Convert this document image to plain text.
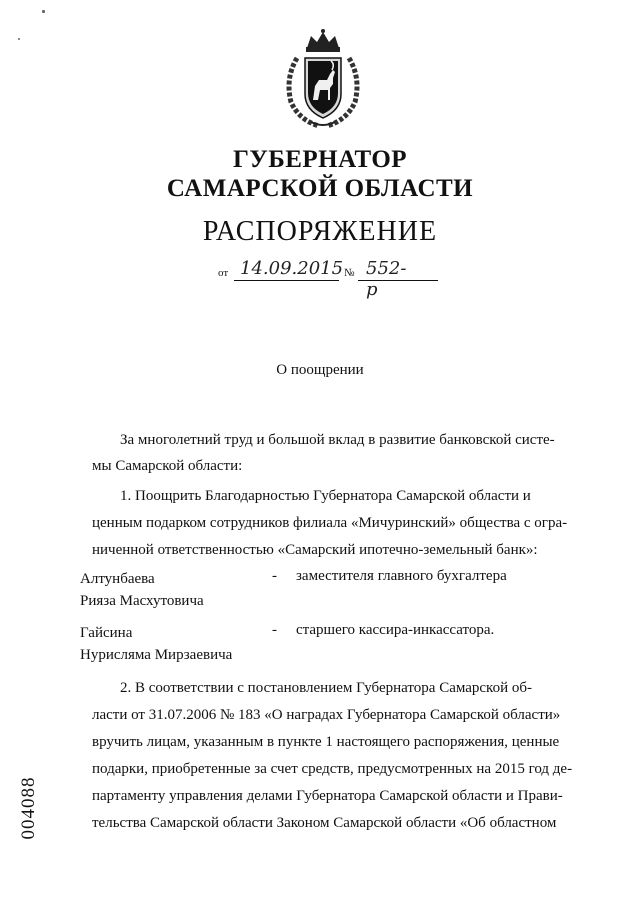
ГУБЕРНАТОР
САМАРСКОЙ ОБЛАСТИ
РАСПОРЯЖЕНИЕ
от 14.09.2015 № 552-р
О поощрении
За многолетний труд и большой вклад в развитие банковской систе-
мы Самарской области:
1. Поощрить Благодарностью Губернатора Самарской области и
ценным подарком сотрудников филиала «Мичуринский» общества с огра-
ниченной ответственностью «Самарский ипотечно-земельный банк»:
Алтунбаева
Рияза Масхутовича
- заместителя главного бухгалтера
Гайсина
Нурисляма Мирзаевича
- старшего кассира-инкассатора.
2. В соответствии с постановлением Губернатора Самарской об-
ласти от 31.07.2006 № 183 «О наградах Губернатора Самарской области»
вручить лицам, указанным в пункте 1 настоящего распоряжения, ценные
подарки, приобретенные за счет средств, предусмотренных на 2015 год де-
партаменту управления делами Губернатора Самарской области и Прави-
тельства Самарской области Законом Самарской области «Об областном
004088
